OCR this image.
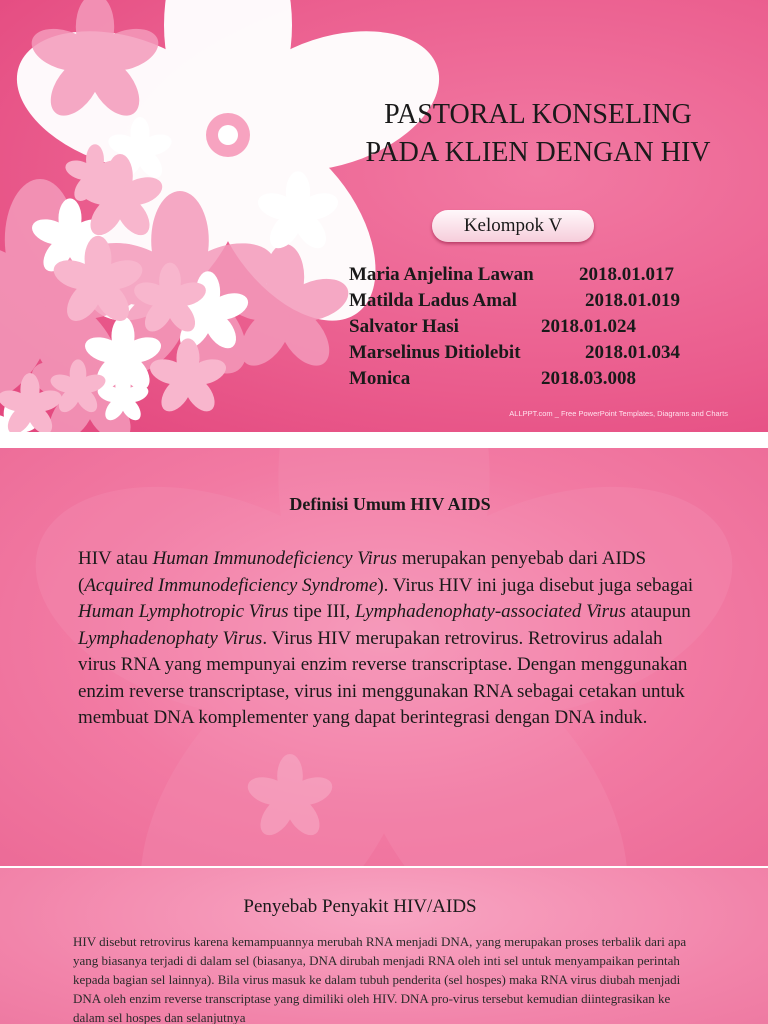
PASTORAL KONSELING
PADA KLIEN DENGAN HIV
Kelompok V
Maria Anjelina Lawan 2018.01.017
Matilda Ladus Amal	2018.01.019
Salvator Hasi	2018.01.024
Marselinus Ditiolebit	2018.01.034
Monica	2018.03.008
ALLPPT.com _ Free PowerPoint Templates, Diagrams and Charts
Definisi Umum HIV AIDS
HIV atau Human Immunodeficiency Virus merupakan penyebab dari AIDS
(Acquired Immunodeficiency Syndrome). Virus HIV ini juga disebut juga sebagai Human Lymphotropic Virus tipe III, Lymphadenophaty-associated Virus ataupun Lymphadenophaty Virus. Virus HIV merupakan retrovirus. Retrovirus adalah virus RNA yang mempunyai enzim reverse transcriptase. Dengan menggunakan enzim reverse transcriptase, virus ini menggunakan RNA sebagai cetakan untuk membuat DNA komplementer yang dapat berintegrasi dengan DNA induk.
Penyebab Penyakit HIV/AIDS
HIV disebut retrovirus karena kemampuannya merubah RNA menjadi DNA, yang merupakan proses terbalik dari apa yang biasanya terjadi di dalam sel (biasanya, DNA dirubah menjadi RNA oleh inti sel untuk menyampaikan perintah kepada bagian sel lainnya). Bila virus masuk ke dalam tubuh penderita (sel hospes) maka RNA virus diubah menjadi DNA oleh enzim reverse transcriptase yang dimiliki oleh HIV. DNA pro-virus tersebut kemudian diintegrasikan ke dalam sel hospes dan selanjutnya
